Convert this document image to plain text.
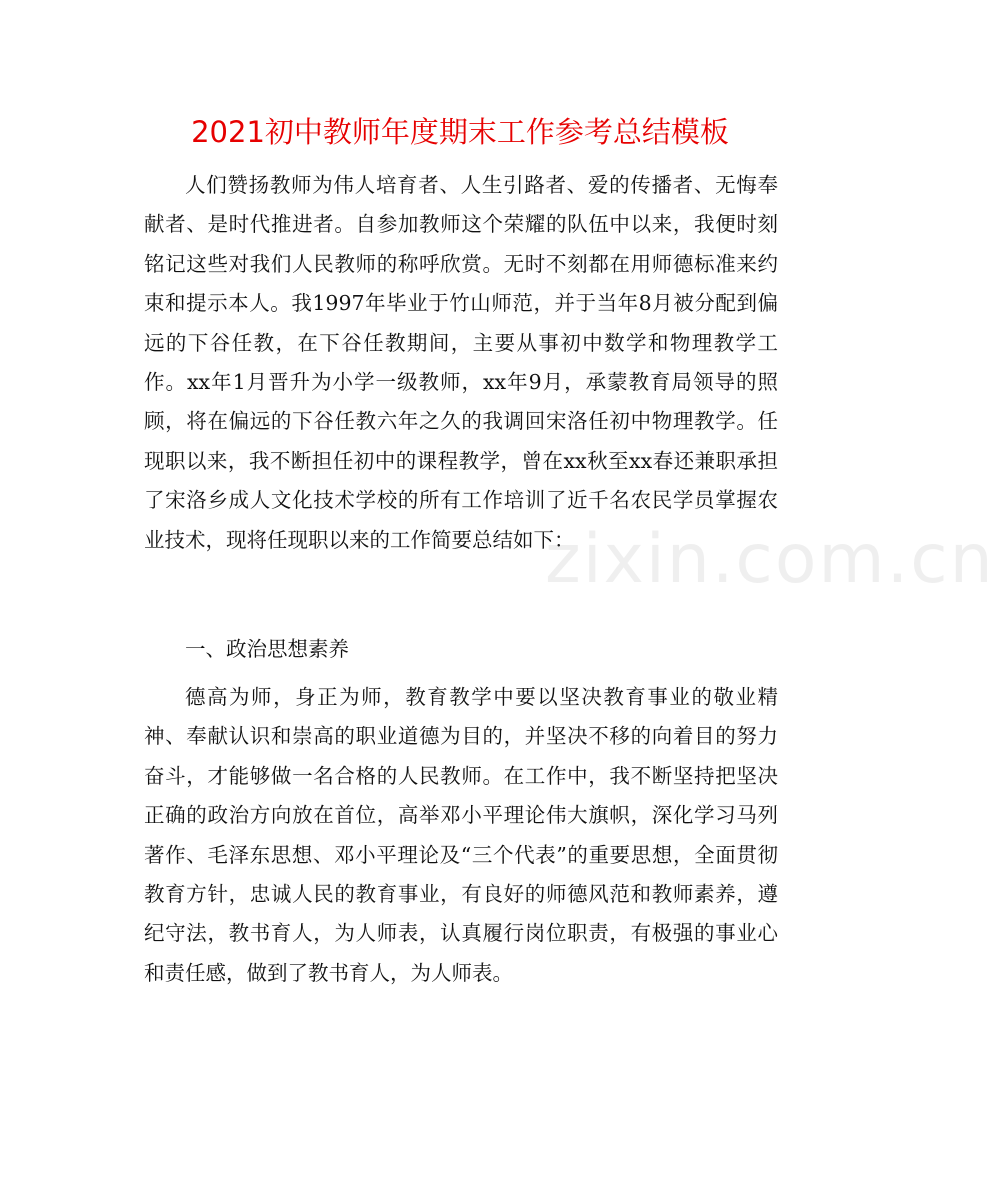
2021初中教师年度期末工作参考总结模板

人们赞扬教师为伟人培育者、人生引路者、爱的传播者、无悔奉献者、是时代推进者。自参加教师这个荣耀的队伍中以来，我便时刻铭记这些对我们人民教师的称呼欣赏。无时不刻都在用师德标准来约束和提示本人。我1997年毕业于竹山师范，并于当年8月被分配到偏远的下谷任教，在下谷任教期间，主要从事初中数学和物理教学工作。xx年1月晋升为小学一级教师，xx年9月，承蒙教育局领导的照顾，将在偏远的下谷任教六年之久的我调回宋洛任初中物理教学。任现职以来，我不断担任初中的课程教学，曾在xx秋至xx春还兼职承担了宋洛乡成人文化技术学校的所有工作培训了近千名农民学员掌握农业技术，现将任现职以来的工作简要总结如下：

一、政治思想素养

德高为师，身正为师，教育教学中要以坚决教育事业的敬业精神、奉献认识和崇高的职业道德为目的，并坚决不移的向着目的努力奋斗，才能够做一名合格的人民教师。在工作中，我不断坚持把坚决正确的政治方向放在首位，高举邓小平理论伟大旗帜，深化学习马列著作、毛泽东思想、邓小平理论及“三个代表”的重要思想，全面贯彻教育方针，忠诚人民的教育事业，有良好的师德风范和教师素养，遵纪守法，教书育人，为人师表，认真履行岗位职责，有极强的事业心和责任感，做到了教书育人，为人师表。

zixin.com.cn
